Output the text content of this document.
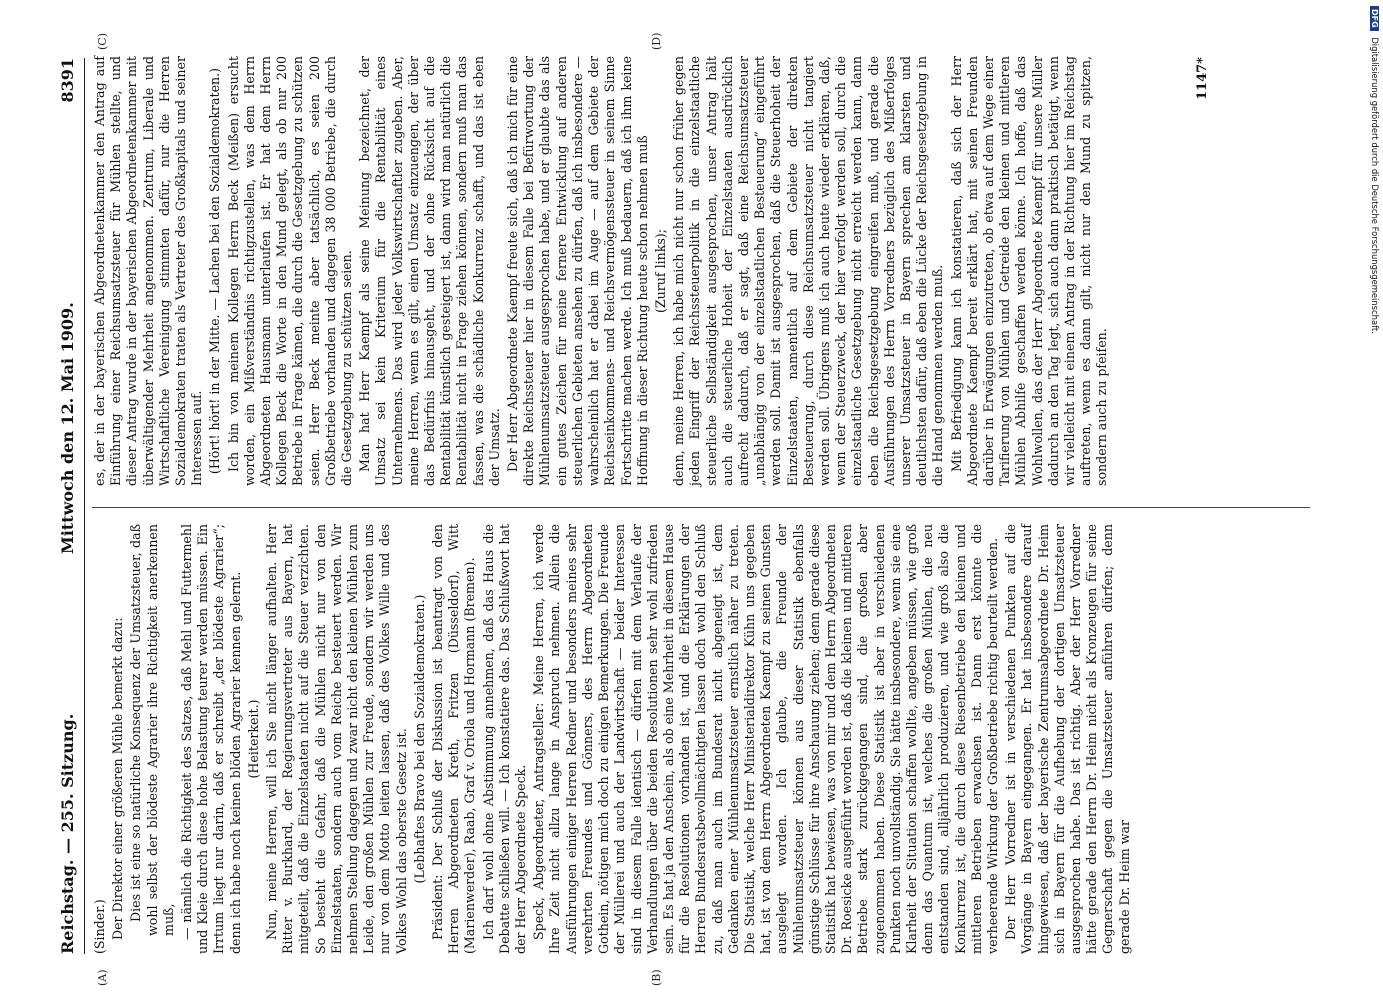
Reichstag. — 255. Sitzung.
Mittwoch den 12. Mai 1909.
8391
(A)	(B)
(C)	(D)

(Sinder.) Der Direktor einer größeren Mühle bemerkt dazu: Dies ist eine so natürliche Konsequenz der Umsatzsteuer, daß wohl selbst der blödeste Agrarier ihre Richtigkeit anerkennen muß, — nämlich die Richtigkeit des Satzes, daß Mehl und Futtermehl und Kleie durch diese hohe Belastung teurer werden müssen. Ein Irrtum liegt nur darin, daß er schreibt „der blödeste Agrarier“; denn ich habe noch keinen blöden Agrarier kennen gelernt. (Heiterkeit.) Nun, meine Herren, will ich Sie nicht länger aufhalten. Herr Ritter v. Burkhard, der Regierungsvertreter aus Bayern, hat mitgeteilt, daß die Einzelstaaten nicht auf die Steuer verzichten. So besteht die Gefahr, daß die Mühlen nicht nur von den Einzelstaaten, sondern auch vom Reiche besteuert werden. Wir nehmen Stellung dagegen und zwar nicht den kleinen Mühlen zum Leide, den großen Mühlen zur Freude, sondern wir werden uns nur von dem Motto leiten lassen, daß des Volkes Wille und des Volkes Wohl das oberste Gesetz ist. (Lebhaftes Bravo bei den Sozialdemokraten.) Präsident: Der Schluß der Diskussion ist beantragt von den Herren Abgeordneten Kreth, Fritzen (Düsseldorf), Witt (Marienwerder), Raab, Graf v. Oriola und Hormann (Bremen). Ich darf wohl ohne Abstimmung annehmen, daß das Haus die Debatte schließen will. — Ich konstatiere das. Das Schlußwort hat der Herr Abgeordnete Speck. Speck, Abgeordneter, Antragsteller: Meine Herren, ich werde Ihre Zeit nicht allzu lange in Anspruch nehmen. Allein die Ausführungen einiger Herren Redner und besonders meines sehr verehrten Freundes und Gönners, des Herrn Abgeordneten Gothein, nötigen mich doch zu einigen Bemerkungen. Die Freunde der Müllerei und auch der Landwirtschaft — beider Interessen sind in diesem Falle identisch — dürfen mit dem Verlaufe der Verhandlungen über die beiden Resolutionen sehr wohl zufrieden sein. Es hat ja den Anschein, als ob eine Mehrheit in diesem Hause für die Resolutionen vorhanden ist, und die Erklärungen der Herren Bundesratsbevollmächtigten lassen doch wohl den Schluß zu, daß man auch im Bundesrat nicht abgeneigt ist, dem Gedanken einer Mühlenumsatzsteuer ernstlich näher zu treten. Die Statistik, welche Herr Ministerialdirektor Kühn uns gegeben hat, ist von dem Herrn Abgeordneten Kaempf zu seinen Gunsten ausgelegt worden. Ich glaube, die Freunde der Mühlenumsatzsteuer können aus dieser Statistik ebenfalls günstige Schlüsse für ihre Anschauung ziehen; denn gerade diese Statistik hat bewiesen, was von mir und dem Herrn Abgeordneten Dr. Roesicke ausgeführt worden ist, daß die kleinen und mittleren Betriebe stark zurückgegangen sind, die großen aber zugenommen haben. Diese Statistik ist aber in verschiedenen Punkten noch unvollständig. Sie hätte insbesondere, wenn sie eine Klarheit der Situation schaffen wollte, angeben müssen, wie groß denn das Quantum ist, welches die großen Mühlen, die neu entstanden sind, alljährlich produzieren, und wie groß also die Konkurrenz ist, die durch diese Riesenbetriebe den kleinen und mittleren Betrieben erwachsen ist. Dann erst könnte die verheerende Wirkung der Großbetriebe richtig beurteilt werden. Der Herr Vorredner ist in verschiedenen Punkten auf die Vorgänge in Bayern eingegangen. Er hat insbesondere darauf hingewiesen, daß der bayerische Zentrumsabgeordnete Dr. Heim sich in Bayern für die Aufhebung der dortigen Umsatzsteuer ausgesprochen habe. Das ist richtig. Aber der Herr Vorredner hätte gerade den Herrn Dr. Heim nicht als Kronzeugen für seine Gegnerschaft gegen die Umsatzsteuer anführen dürfen; denn gerade Dr. Heim war

es, der in der bayerischen Abgeordnetenkammer den Antrag auf Einführung einer Reichsumsatzsteuer für Mühlen stellte, und dieser Antrag wurde in der bayerischen Abgeordnetenkammer mit überwältigender Mehrheit angenommen. Zentrum, Liberale und Wirtschaftliche Vereinigung stimmten dafür, nur die Herren Sozialdemokraten traten als Vertreter des Großkapitals und seiner Interessen auf. (Hört! hört! in der Mitte. — Lachen bei den Sozialdemokraten.) Ich bin von meinem Kollegen Herrn Beck (Meißen) ersucht worden, ein Mißverständnis richtigzustellen, was dem Herrn Abgeordneten Hausmann unterlaufen ist. Er hat dem Herrn Kollegen Beck die Worte in den Mund gelegt, als ob nur 200 Betriebe in Frage kämen, die durch die Gesetzgebung zu schützen seien. Herr Beck meinte aber tatsächlich, es seien 200 Großbetriebe vorhanden und dagegen 38 000 Betriebe, die durch die Gesetzgebung zu schützen seien. Man hat Herr Kaempf als seine Meinung bezeichnet, der Umsatz sei kein Kriterium für die Rentabilität eines Unternehmens. Das wird jeder Volkswirtschaftler zugeben. Aber, meine Herren, wenn es gilt, einen Umsatz einzuengen, der über das Bedürfnis hinausgeht, und der ohne Rücksicht auf die Rentabilität künstlich gesteigert ist, dann wird man natürlich die Rentabilität nicht in Frage ziehen können, sondern muß man das fassen, was die schädliche Konkurrenz schafft, und das ist eben der Umsatz. Der Herr Abgeordnete Kaempf freute sich, daß ich mich für eine direkte Reichssteuer hier in diesem Falle bei Befürwortung der Mühlenumsatzsteuer ausgesprochen habe, und er glaubte das als ein gutes Zeichen für meine fernere Entwicklung auf anderen steuerlichen Gebieten ansehen zu dürfen, daß ich insbesondere — wahrscheinlich hat er dabei im Auge — auf dem Gebiete der Reichseinkommens- und Reichsvermögenssteuer in seinem Sinne Fortschritte machen werde. Ich muß bedauern, daß ich ihm keine Hoffnung in dieser Richtung heute schon nehmen muß (Zuruf links); denn, meine Herren, ich habe mich nicht nur schon früher gegen jeden Eingriff der Reichssteuerpolitik in die einzelstaatliche steuerliche Selbständigkeit ausgesprochen, unser Antrag hält auch die steuerliche Hoheit der Einzelstaaten ausdrücklich aufrecht dadurch, daß er sagt, daß eine Reichsumsatzsteuer „unabhängig von der einzelstaatlichen Besteuerung“ eingeführt werden soll. Damit ist ausgesprochen, daß die Steuerhoheit der Einzelstaaten, namentlich auf dem Gebiete der direkten Besteuerung, durch diese Reichsumsatzsteuer nicht tangiert werden soll. Übrigens muß ich auch heute wieder erklären, daß, wenn der Steuerzweck, der hier verfolgt werden soll, durch die einzelstaatliche Gesetzgebung nicht erreicht werden kann, dann eben die Reichsgesetzgebung eingreifen muß, und gerade die Ausführungen des Herrn Vorredners bezüglich des Mißerfolges unserer Umsatzsteuer in Bayern sprechen am klarsten und deutlichsten dafür, daß eben die Lücke der Reichsgesetzgebung in die Hand genommen werden muß. Mit Befriedigung kann ich konstatieren, daß sich der Herr Abgeordnete Kaempf bereit erklärt hat, mit seinen Freunden darüber in Erwägungen einzutreten, ob etwa auf dem Wege einer Tarifierung von Mühlen und Getreide den kleinen und mittleren Mühlen Abhilfe geschaffen werden könne. Ich hoffe, daß das Wohlwollen, das der Herr Abgeordnete Kaempf für unsere Müller dadurch an den Tag legt, sich auch dann praktisch betätigt, wenn wir vielleicht mit einem Antrag in der Richtung hier im Reichstag auftreten, wenn es dann gilt, nicht nur den Mund zu spitzen, sondern auch zu pfeifen.

1147*
DFG Digitalisierung gefördert durch die Deutsche Forschungsgemeinschaft.
